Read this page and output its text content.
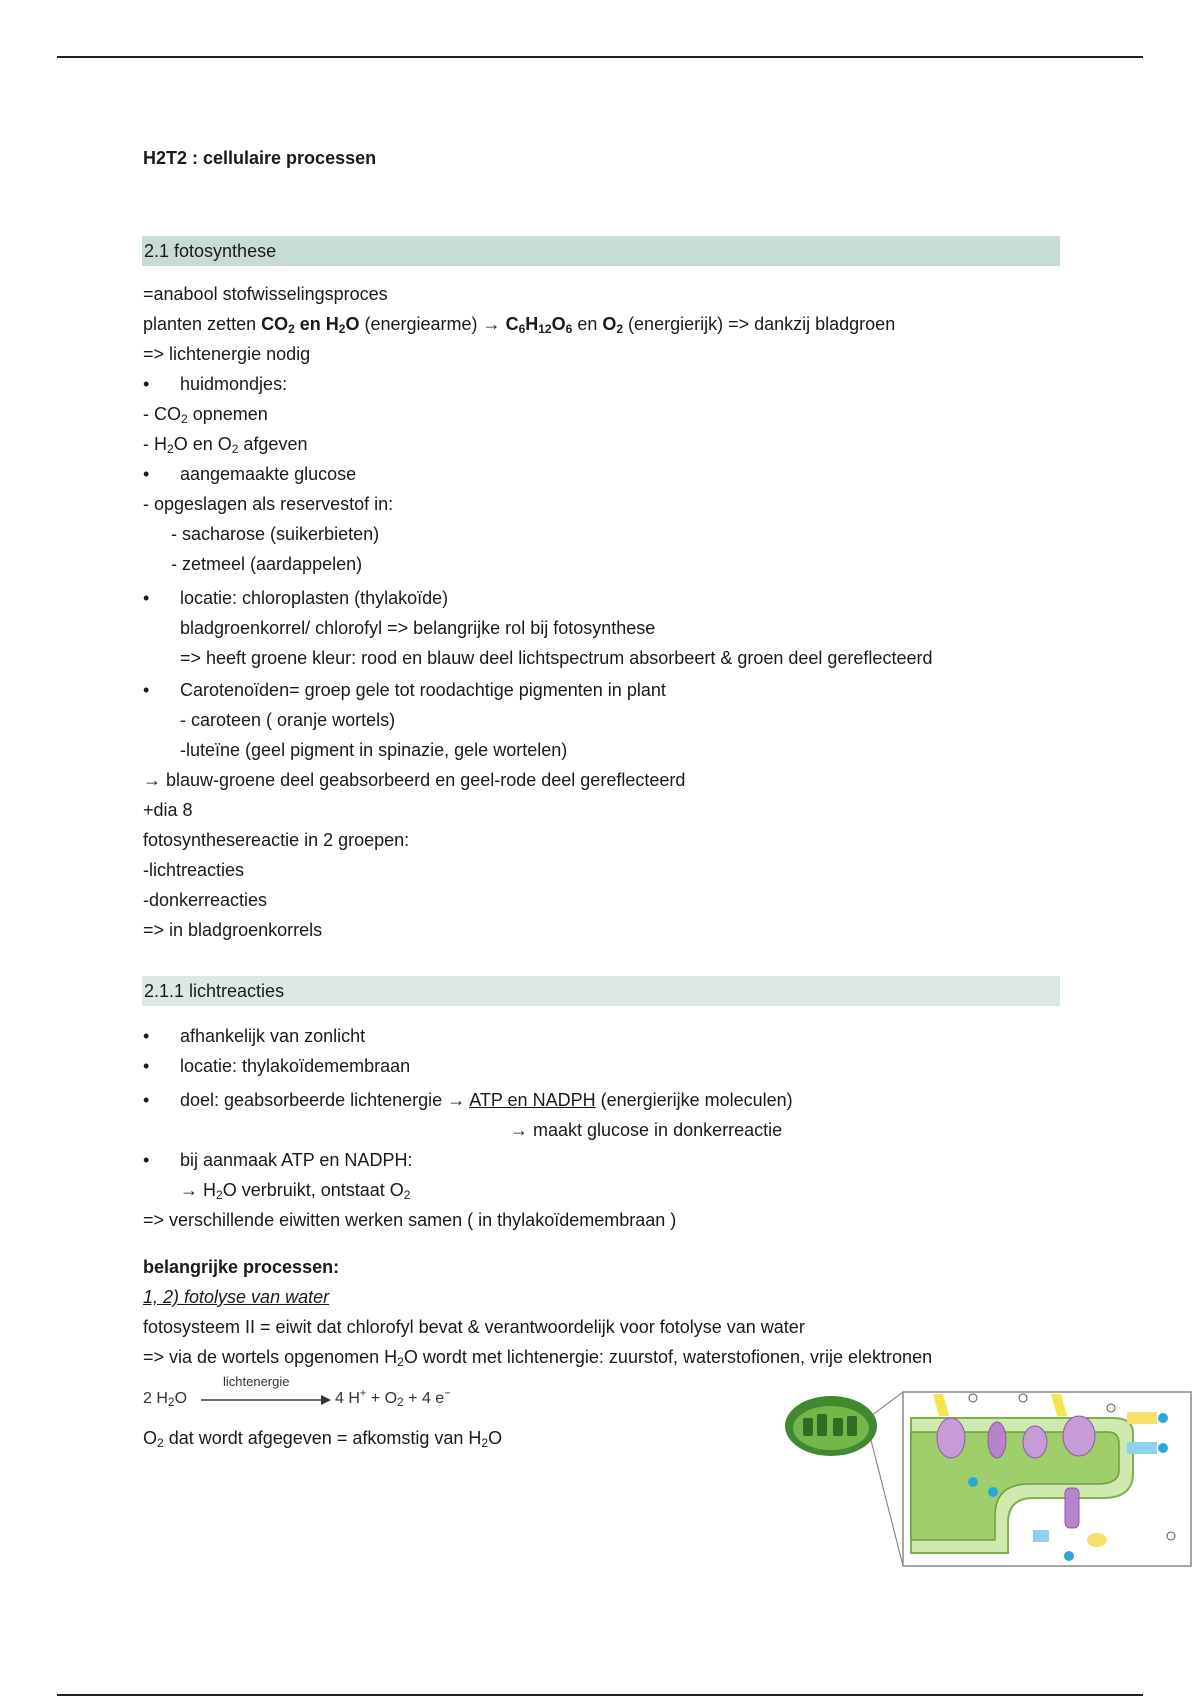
H2T2 : cellulaire processen
2.1 fotosynthese
=anabool stofwisselingsproces
planten zetten $CO_2$ en $H_2O$ (energiearme) → $C_6H_{12}O_6$ en $O_2$ (energierijk) => dankzij bladgroen
=> lichtenergie nodig
• huidmondjes:
- $CO_2$ opnemen
- $H_2O$ en $O_2$ afgeven
• aangemaakte glucose
- opgeslagen als reservestof in:
- sacharose (suikerbieten)
- zetmeel (aardappelen)
• locatie: chloroplasten (thylakoïde)
bladgroenkorrel/ chlorofyl => belangrijke rol bij fotosynthese
=> heeft groene kleur: rood en blauw deel lichtspectrum absorbeert & groen deel gereflecteerd
• Carotenoïden= groep gele tot roodachtige pigmenten in plant
- caroteen ( oranje wortels)
-luteïne (geel pigment in spinazie, gele wortelen)
→ blauw-groene deel geabsorbeerd en geel-rode deel gereflecteerd
+dia 8
fotosynthesereactie in 2 groepen:
-lichtreacties
-donkerreacties
=> in bladgroenkorrels
2.1.1 lichtreacties
• afhankelijk van zonlicht
• locatie: thylakoïdemembraan
• doel: geabsorbeerde lichtenergie → ATP en NADPH (energierijke moleculen)
→ maakt glucose in donkerreactie
• bij aanmaak ATP en NADPH:
→ $H_2O$ verbruikt, ontstaat $O_2$
=> verschillende eiwitten werken samen ( in thylakoïdemembraan )
belangrijke processen:
1, 2) fotolyse van water
fotosysteem II = eiwit dat chlorofyl bevat & verantwoordelijk voor fotolyse van water
=> via de wortels opgenomen $H_2O$ wordt met lichtenergie: zuurstof, waterstofionen, vrije elektronen
2 $H_2O$
lichtenergie
4 $H^+ + O_2 + 4$ e−
$O_2$ dat wordt afgegeven = afkomstig van $H_2O$
